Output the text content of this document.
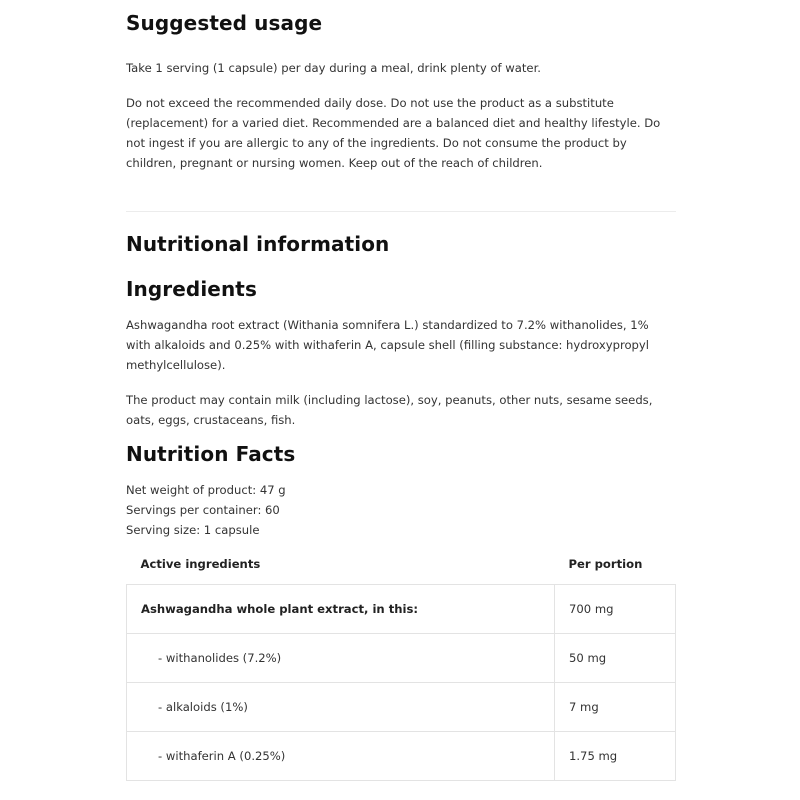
Suggested usage

Take 1 serving (1 capsule) per day during a meal, drink plenty of water.

Do not exceed the recommended daily dose. Do not use the product as a substitute (replacement) for a varied diet. Recommended are a balanced diet and healthy lifestyle. Do not ingest if you are allergic to any of the ingredients. Do not consume the product by children, pregnant or nursing women. Keep out of the reach of children.

Nutritional information
Ingredients

Ashwagandha root extract (Withania somnifera L.) standardized to 7.2% withanolides, 1% with alkaloids and 0.25% with withaferin A, capsule shell (filling substance: hydroxypropyl methylcellulose).

The product may contain milk (including lactose), soy, peanuts, other nuts, sesame seeds, oats, eggs, crustaceans, fish.

Nutrition Facts

Net weight of product: 47 g

Servings per container: 60

Serving size: 1 capsule

Active ingredients	Per portion
Ashwagandha whole plant extract, in this:	700 mg
- withanolides (7.2%)	50 mg
- alkaloids (1%)	7 mg
- withaferin A (0.25%)	1.75 mg
